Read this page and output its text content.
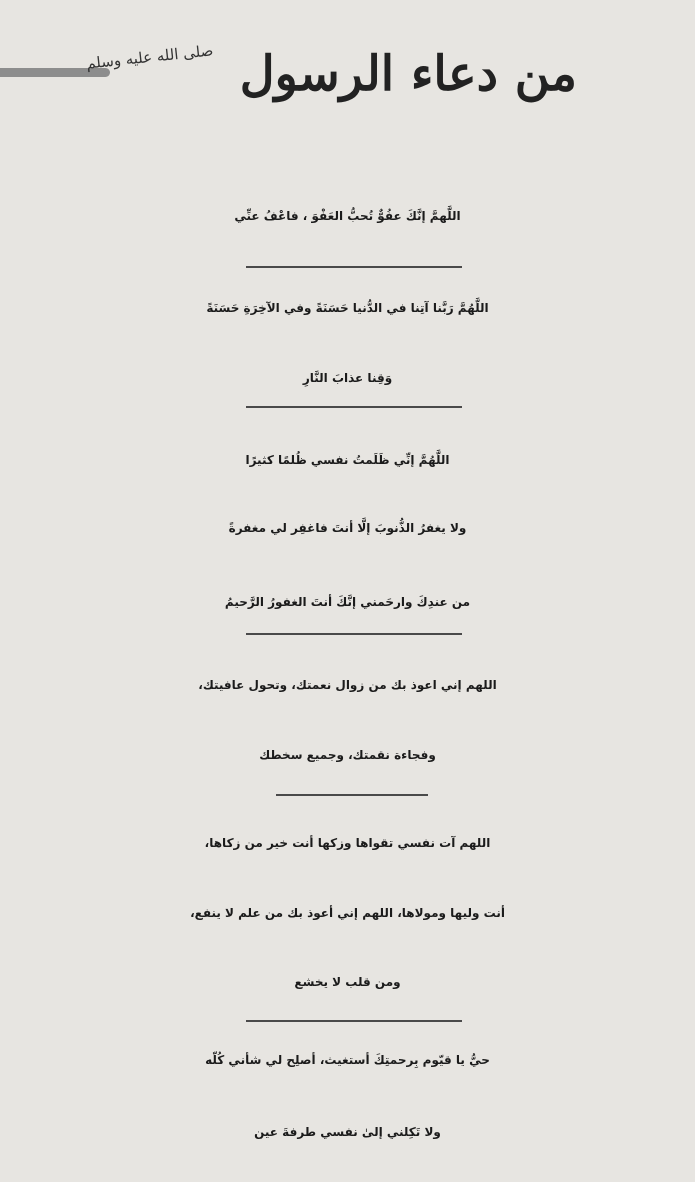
صلى الله عليه وسلم من دعاء الرسول
اللَّهمَّ إنَّكَ عفُوٌّ تُحبُّ العَفْوَ ، فاعْفُ عنِّي
اللَّهُمَّ رَبَّنا آتِنا في الدُّنيا حَسَنَةً وفي الآخِرَةِ حَسَنَةً
وَقِنا عذابَ النَّارِ
اللَّهُمَّ إنِّي ظَلَمتُ نفسي ظُلمًا كثيرًا
ولا يغفرُ الذُّنوبَ إلَّا أنتَ فاغفِر لي مغفرةً
من عندِكَ وارحَمني إنَّكَ أنتَ الغفورُ الرَّحيمُ
اللهم إني اعوذ بك من زوال نعمتك، وتحول عافيتك،
وفجاءة نقمتك، وجميع سخطك
اللهم آت نفسي تقواها وزكها أنت خير من زكاها،
أنت وليها ومولاها، اللهم إني أعوذ بك من علم لا ينفع،
ومن قلب لا يخشع
حيُّ يا قيّوم بِرحمتِكَ أستغيث، أصلِح لي شأني كُلّه
ولا تَكِلني إلىٰ نفسي طرفةَ عين
